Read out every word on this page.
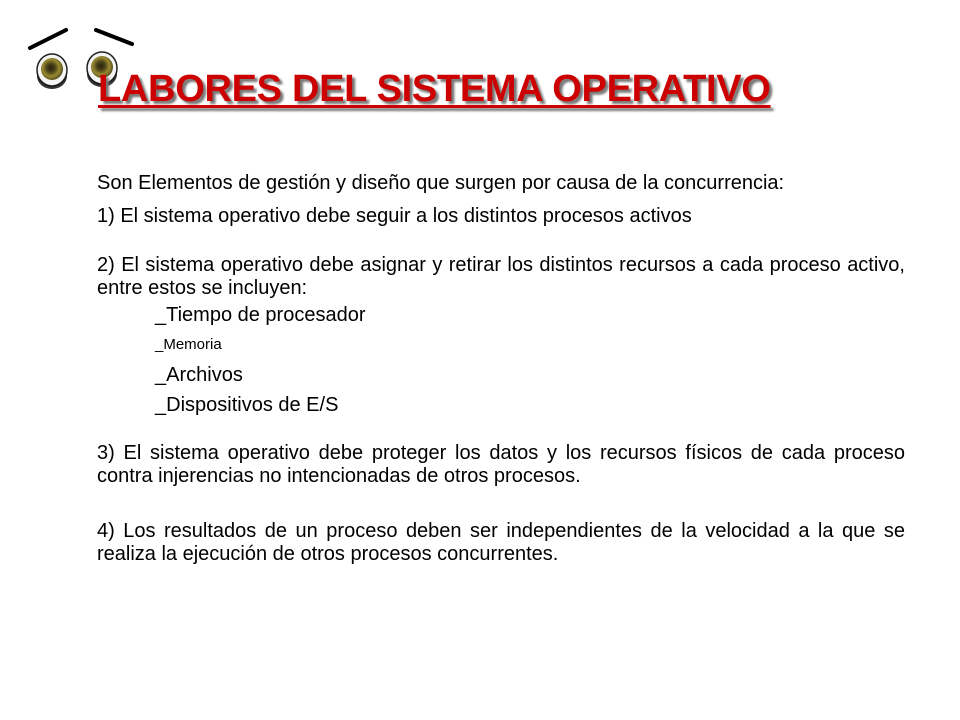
LABORES DEL SISTEMA OPERATIVO

Son Elementos de gestión y diseño que surgen por causa de la concurrencia:

1) El sistema operativo debe seguir a los distintos procesos activos

2) El sistema operativo debe asignar y retirar los distintos recursos a cada proceso activo, entre estos se incluyen:

_Tiempo de procesador
_Memoria
_Archivos
_Dispositivos de E/S

3) El sistema operativo debe proteger los datos y los recursos físicos de cada proceso contra injerencias no intencionadas de otros procesos.

4) Los resultados de un proceso deben ser independientes de la velocidad a la que se realiza la ejecución de otros procesos concurrentes.
